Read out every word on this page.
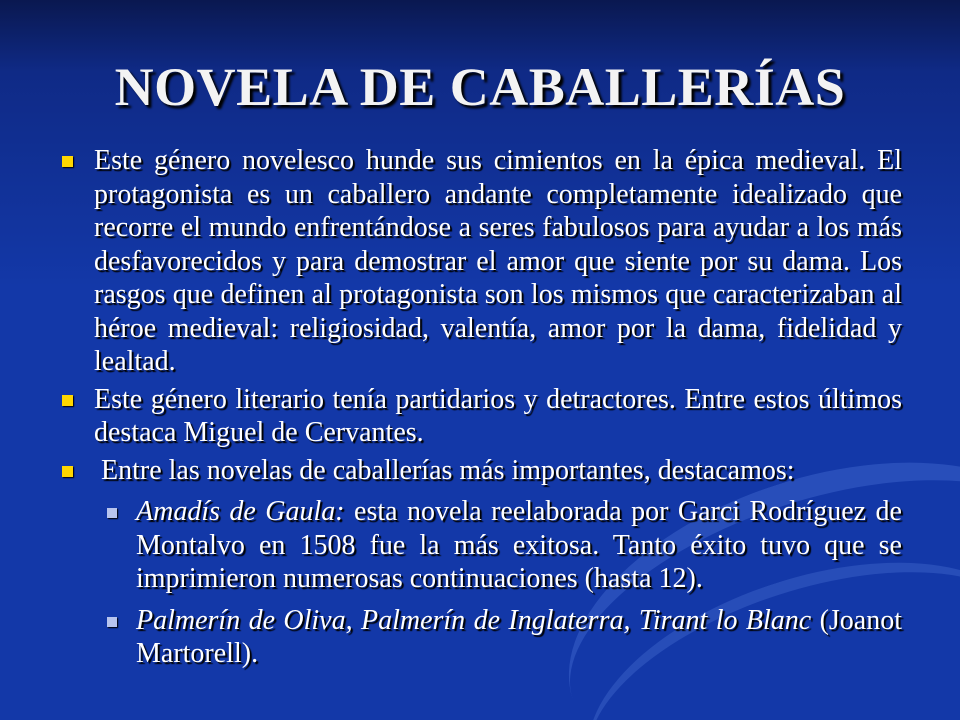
NOVELA DE CABALLERÍAS
Este género novelesco hunde sus cimientos en la épica medieval. El protagonista es un caballero andante completamente idealizado que recorre el mundo enfrentándose a seres fabulosos para ayudar a los más desfavorecidos y para demostrar el amor que siente por su dama. Los rasgos que definen al protagonista son los mismos que caracterizaban al héroe medieval: religiosidad, valentía, amor por la dama, fidelidad y lealtad.
Este género literario tenía partidarios y detractores. Entre estos últimos destaca Miguel de Cervantes.
Entre las novelas de caballerías más importantes, destacamos:
Amadís de Gaula: esta novela reelaborada por Garci Rodríguez de Montalvo en 1508 fue la más exitosa. Tanto éxito tuvo que se imprimieron numerosas continuaciones (hasta 12).
Palmerín de Oliva, Palmerín de Inglaterra, Tirant lo Blanc (Joanot Martorell).
